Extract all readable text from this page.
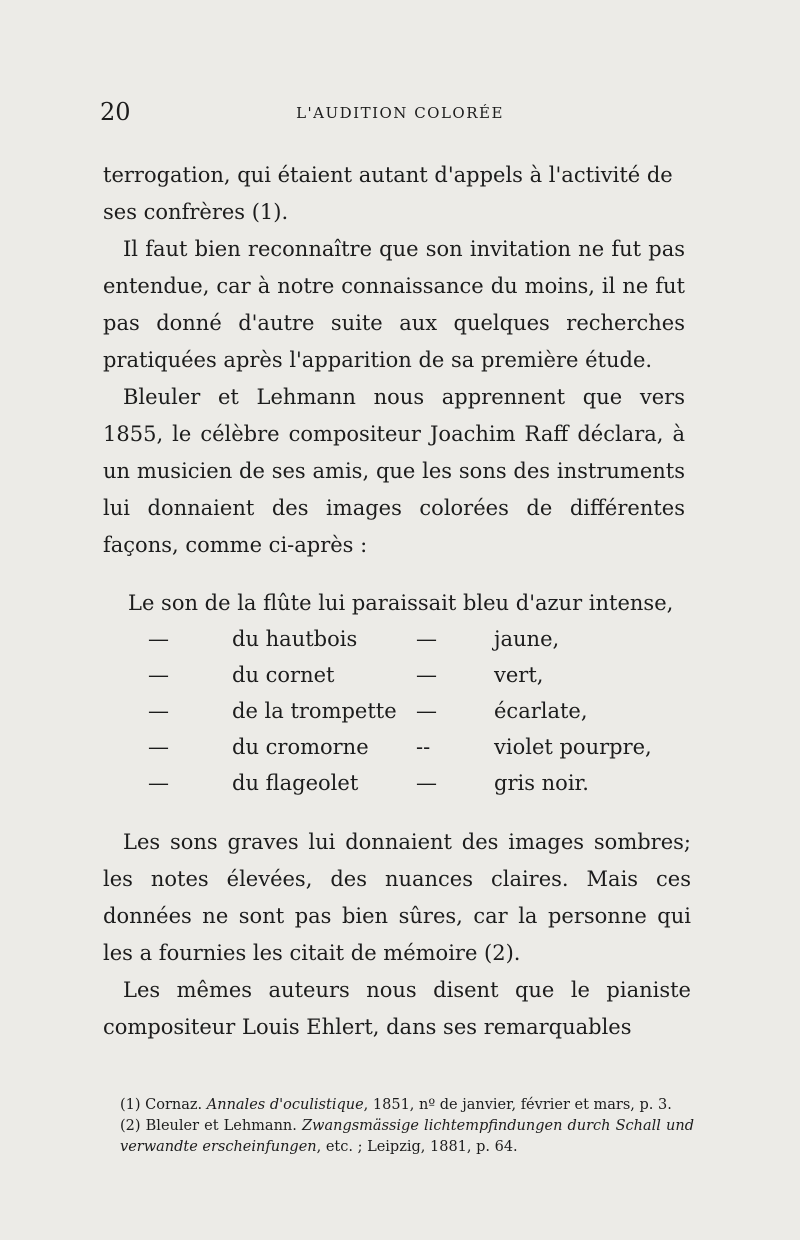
20	L'AUDITION COLORÉE

terrogation, qui étaient autant d'appels à l'activité de ses confrères (1).

Il faut bien reconnaître que son invitation ne fut pas entendue, car à notre connaissance du moins, il ne fut pas donné d'autre suite aux quelques recherches pratiquées après l'apparition de sa première étude.

Bleuler et Lehmann nous apprennent que vers 1855, le célèbre compositeur Joachim Raff déclara, à un musicien de ses amis, que les sons des instruments lui donnaient des images colorées de différentes façons, comme ci-après :

Le son de la flûte lui paraissait bleu d'azur intense,
—	du hautbois	—	jaune,
—	du cornet	—	vert,
—	de la trompette —	écarlate,
—	du cromorne	--	violet pourpre,
—	du flageolet	—	gris noir.

Les sons graves lui donnaient des images sombres; les notes élevées, des nuances claires. Mais ces données ne sont pas bien sûres, car la personne qui les a fournies les citait de mémoire (2).

Les mêmes auteurs nous disent que le pianiste compositeur Louis Ehlert, dans ses remarquables

(1) Cornaz. Annales d'oculistique, 1851, nº de janvier, février et mars, p. 3.

(2) Bleuler et Lehmann. Zwangsmässige lichtempfindungen durch Schall und verwandte erscheinfungen, etc. ; Leipzig, 1881, p. 64.
